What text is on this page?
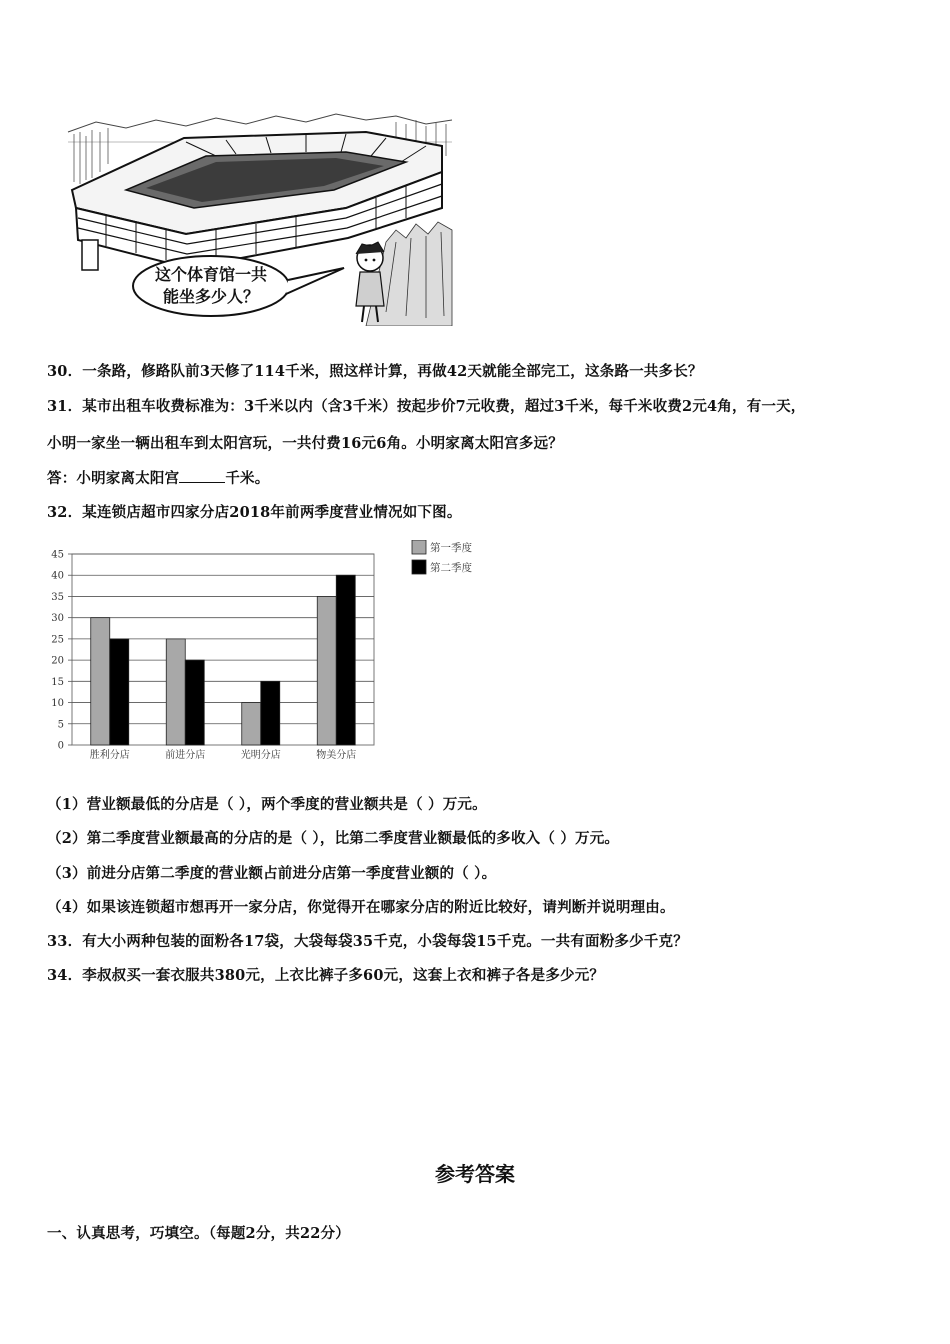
这个体育馆一共
能坐多少人？
30．一条路，修路队前3天修了114千米，照这样计算，再做42天就能全部完工，这条路一共多长？
31．某市出租车收费标准为：3千米以内（含3千米）按起步价7元收费，超过3千米，每千米收费2元4角，有一天，
小明一家坐一辆出租车到太阳宫玩，一共付费16元6角。小明家离太阳宫多远？
答：小明家离太阳宫	千米。
32．某连锁店超市四家分店2018年前两季度营业情况如下图。
0
5
10
15
20
25
30
35
40
45
胜利分店	前进分店	光明分店	物美分店
第一季度
第二季度
（1）营业额最低的分店是（ ），两个季度的营业额共是（ ）万元。
（2）第二季度营业额最高的分店的是（ ），比第二季度营业额最低的多收入（ ）万元。
（3）前进分店第二季度的营业额占前进分店第一季度营业额的（ ）。
（4）如果该连锁超市想再开一家分店，你觉得开在哪家分店的附近比较好，请判断并说明理由。
33．有大小两种包装的面粉各17袋，大袋每袋35千克，小袋每袋15千克。一共有面粉多少千克？
34．李叔叔买一套衣服共380元，上衣比裤子多60元，这套上衣和裤子各是多少元？
参考答案
一、认真思考，巧填空。（每题2分，共22分）
